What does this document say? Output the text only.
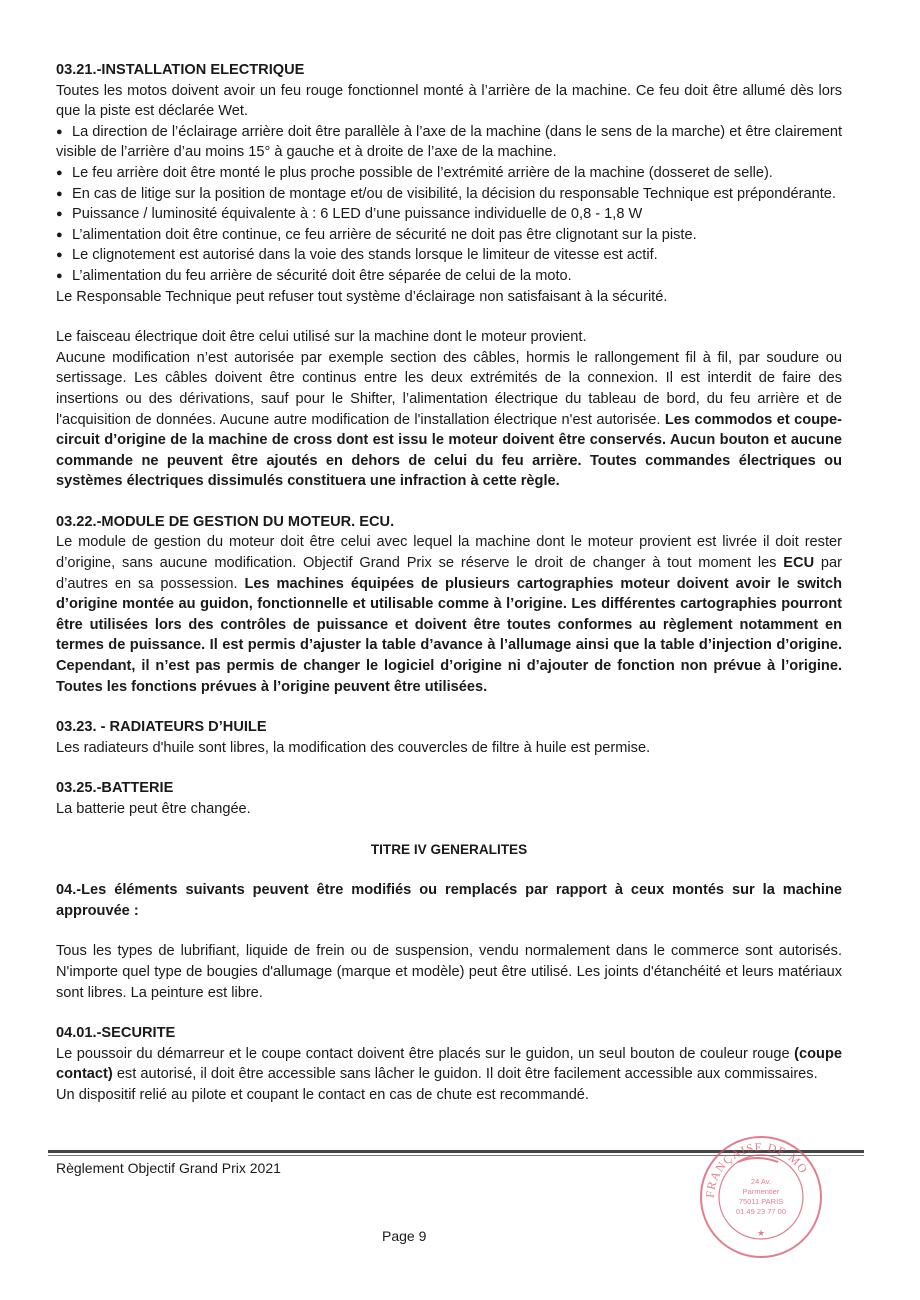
03.21.-INSTALLATION ELECTRIQUE

Toutes les motos doivent avoir un feu rouge fonctionnel monté à l’arrière de la machine. Ce feu doit être allumé dès lors que la piste est déclarée Wet.

● La direction de l’éclairage arrière doit être parallèle à l’axe de la machine (dans le sens de la marche) et être clairement visible de l’arrière d’au moins 15° à gauche et à droite de l’axe de la machine.
● Le feu arrière doit être monté le plus proche possible de l’extrémité arrière de la machine (dosseret de selle).
● En cas de litige sur la position de montage et/ou de visibilité, la décision du responsable Technique est prépondérante.
● Puissance / luminosité équivalente à : 6 LED d’une puissance individuelle de 0,8 - 1,8 W
● L’alimentation doit être continue, ce feu arrière de sécurité ne doit pas être clignotant sur la piste.
● Le clignotement est autorisé dans la voie des stands lorsque le limiteur de vitesse est actif.
● L’alimentation du feu arrière de sécurité doit être séparée de celui de la moto.

Le Responsable Technique peut refuser tout système d’éclairage non satisfaisant à la sécurité.

Le faisceau électrique doit être celui utilisé sur la machine dont le moteur provient.

Aucune modification n’est autorisée par exemple section des câbles, hormis le rallongement fil à fil, par soudure ou sertissage. Les câbles doivent être continus entre les deux extrémités de la connexion. Il est interdit de faire des insertions ou des dérivations, sauf pour le Shifter, l’alimentation électrique du tableau de bord, du feu arrière et de l'acquisition de données. Aucune autre modification de l'installation électrique n'est autorisée. Les commodos et coupe-circuit d’origine de la machine de cross dont est issu le moteur doivent être conservés. Aucun bouton et aucune commande ne peuvent être ajoutés en dehors de celui du feu arrière. Toutes commandes électriques ou systèmes électriques dissimulés constituera une infraction à cette règle.

03.22.-MODULE DE GESTION DU MOTEUR. ECU.

Le module de gestion du moteur doit être celui avec lequel la machine dont le moteur provient est livrée il doit rester d’origine, sans aucune modification. Objectif Grand Prix se réserve le droit de changer à tout moment les ECU par d’autres en sa possession. Les machines équipées de plusieurs cartographies moteur doivent avoir le switch d’origine montée au guidon, fonctionnelle et utilisable comme à l’origine. Les différentes cartographies pourront être utilisées lors des contrôles de puissance et doivent être toutes conformes au règlement notamment en termes de puissance. Il est permis d’ajuster la table d’avance à l’allumage ainsi que la table d’injection d’origine. Cependant, il n’est pas permis de changer le logiciel d’origine ni d’ajouter de fonction non prévue à l’origine. Toutes les fonctions prévues à l’origine peuvent être utilisées.

03.23. - RADIATEURS D’HUILE

Les radiateurs d'huile sont libres, la modification des couvercles de filtre à huile est permise.

03.25.-BATTERIE

La batterie peut être changée.

TITRE IV GENERALITES

04.-Les éléments suivants peuvent être modifiés ou remplacés par rapport à ceux montés sur la machine approuvée :

Tous les types de lubrifiant, liquide de frein ou de suspension, vendu normalement dans le commerce sont autorisés. N'importe quel type de bougies d'allumage (marque et modèle) peut être utilisé. Les joints d'étanchéité et leurs matériaux sont libres. La peinture est libre.

04.01.-SECURITE

Le poussoir du démarreur et le coupe contact doivent être placés sur le guidon, un seul bouton de couleur rouge (coupe contact) est autorisé, il doit être accessible sans lâcher le guidon. Il doit être facilement accessible aux commissaires.

Un dispositif relié au pilote et coupant le contact en cas de chute est recommandé.

Règlement Objectif Grand Prix 2021
Page 9
FRANÇAISE DE MO
24 Av.
Parmentier
75011 PARIS
01 49 23 77 00
★
